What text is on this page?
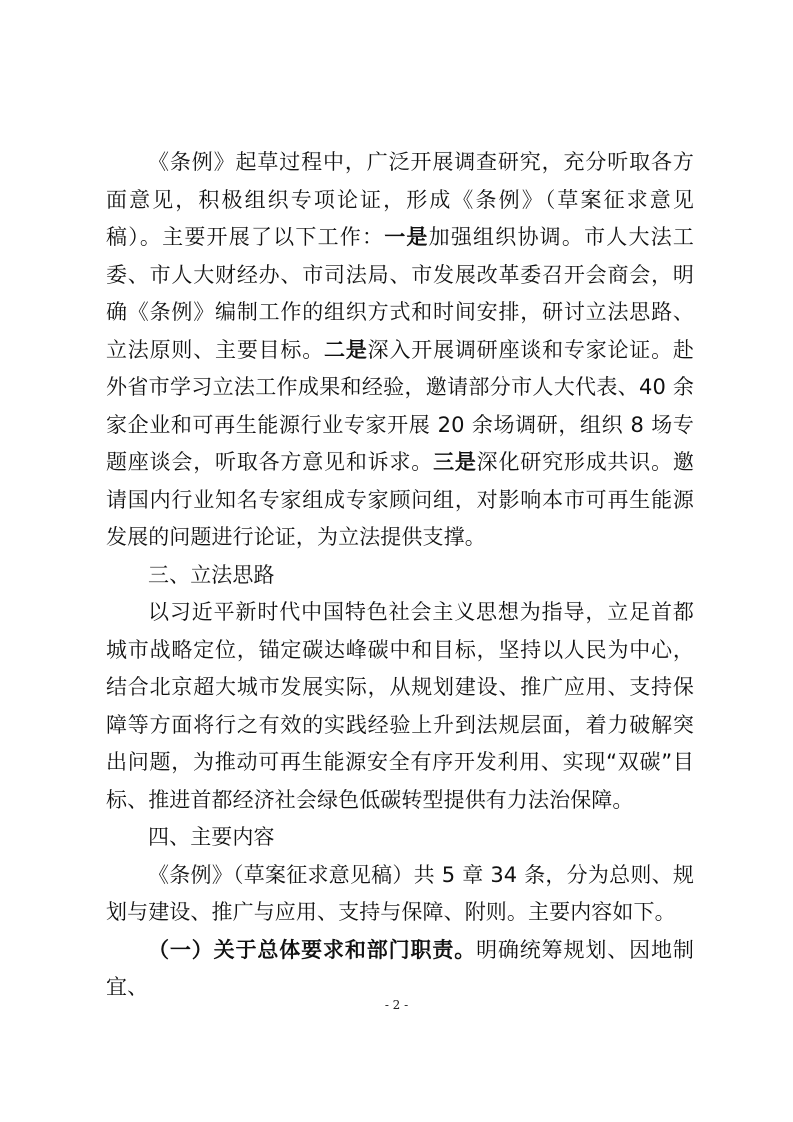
《条例》起草过程中，广泛开展调查研究，充分听取各方面意见，积极组织专项论证，形成《条例》（草案征求意见稿）。主要开展了以下工作：一是加强组织协调。市人大法工委、市人大财经办、市司法局、市发展改革委召开会商会，明确《条例》编制工作的组织方式和时间安排，研讨立法思路、立法原则、主要目标。二是深入开展调研座谈和专家论证。赴外省市学习立法工作成果和经验，邀请部分市人大代表、40 余家企业和可再生能源行业专家开展 20 余场调研，组织 8 场专题座谈会，听取各方意见和诉求。三是深化研究形成共识。邀请国内行业知名专家组成专家顾问组，对影响本市可再生能源发展的问题进行论证，为立法提供支撑。

三、立法思路

以习近平新时代中国特色社会主义思想为指导，立足首都城市战略定位，锚定碳达峰碳中和目标，坚持以人民为中心，结合北京超大城市发展实际，从规划建设、推广应用、支持保障等方面将行之有效的实践经验上升到法规层面，着力破解突出问题，为推动可再生能源安全有序开发利用、实现“双碳”目标、推进首都经济社会绿色低碳转型提供有力法治保障。

四、主要内容

《条例》（草案征求意见稿）共 5 章 34 条，分为总则、规划与建设、推广与应用、支持与保障、附则。主要内容如下。

（一）关于总体要求和部门职责。明确统筹规划、因地制宜、

- 2 -
